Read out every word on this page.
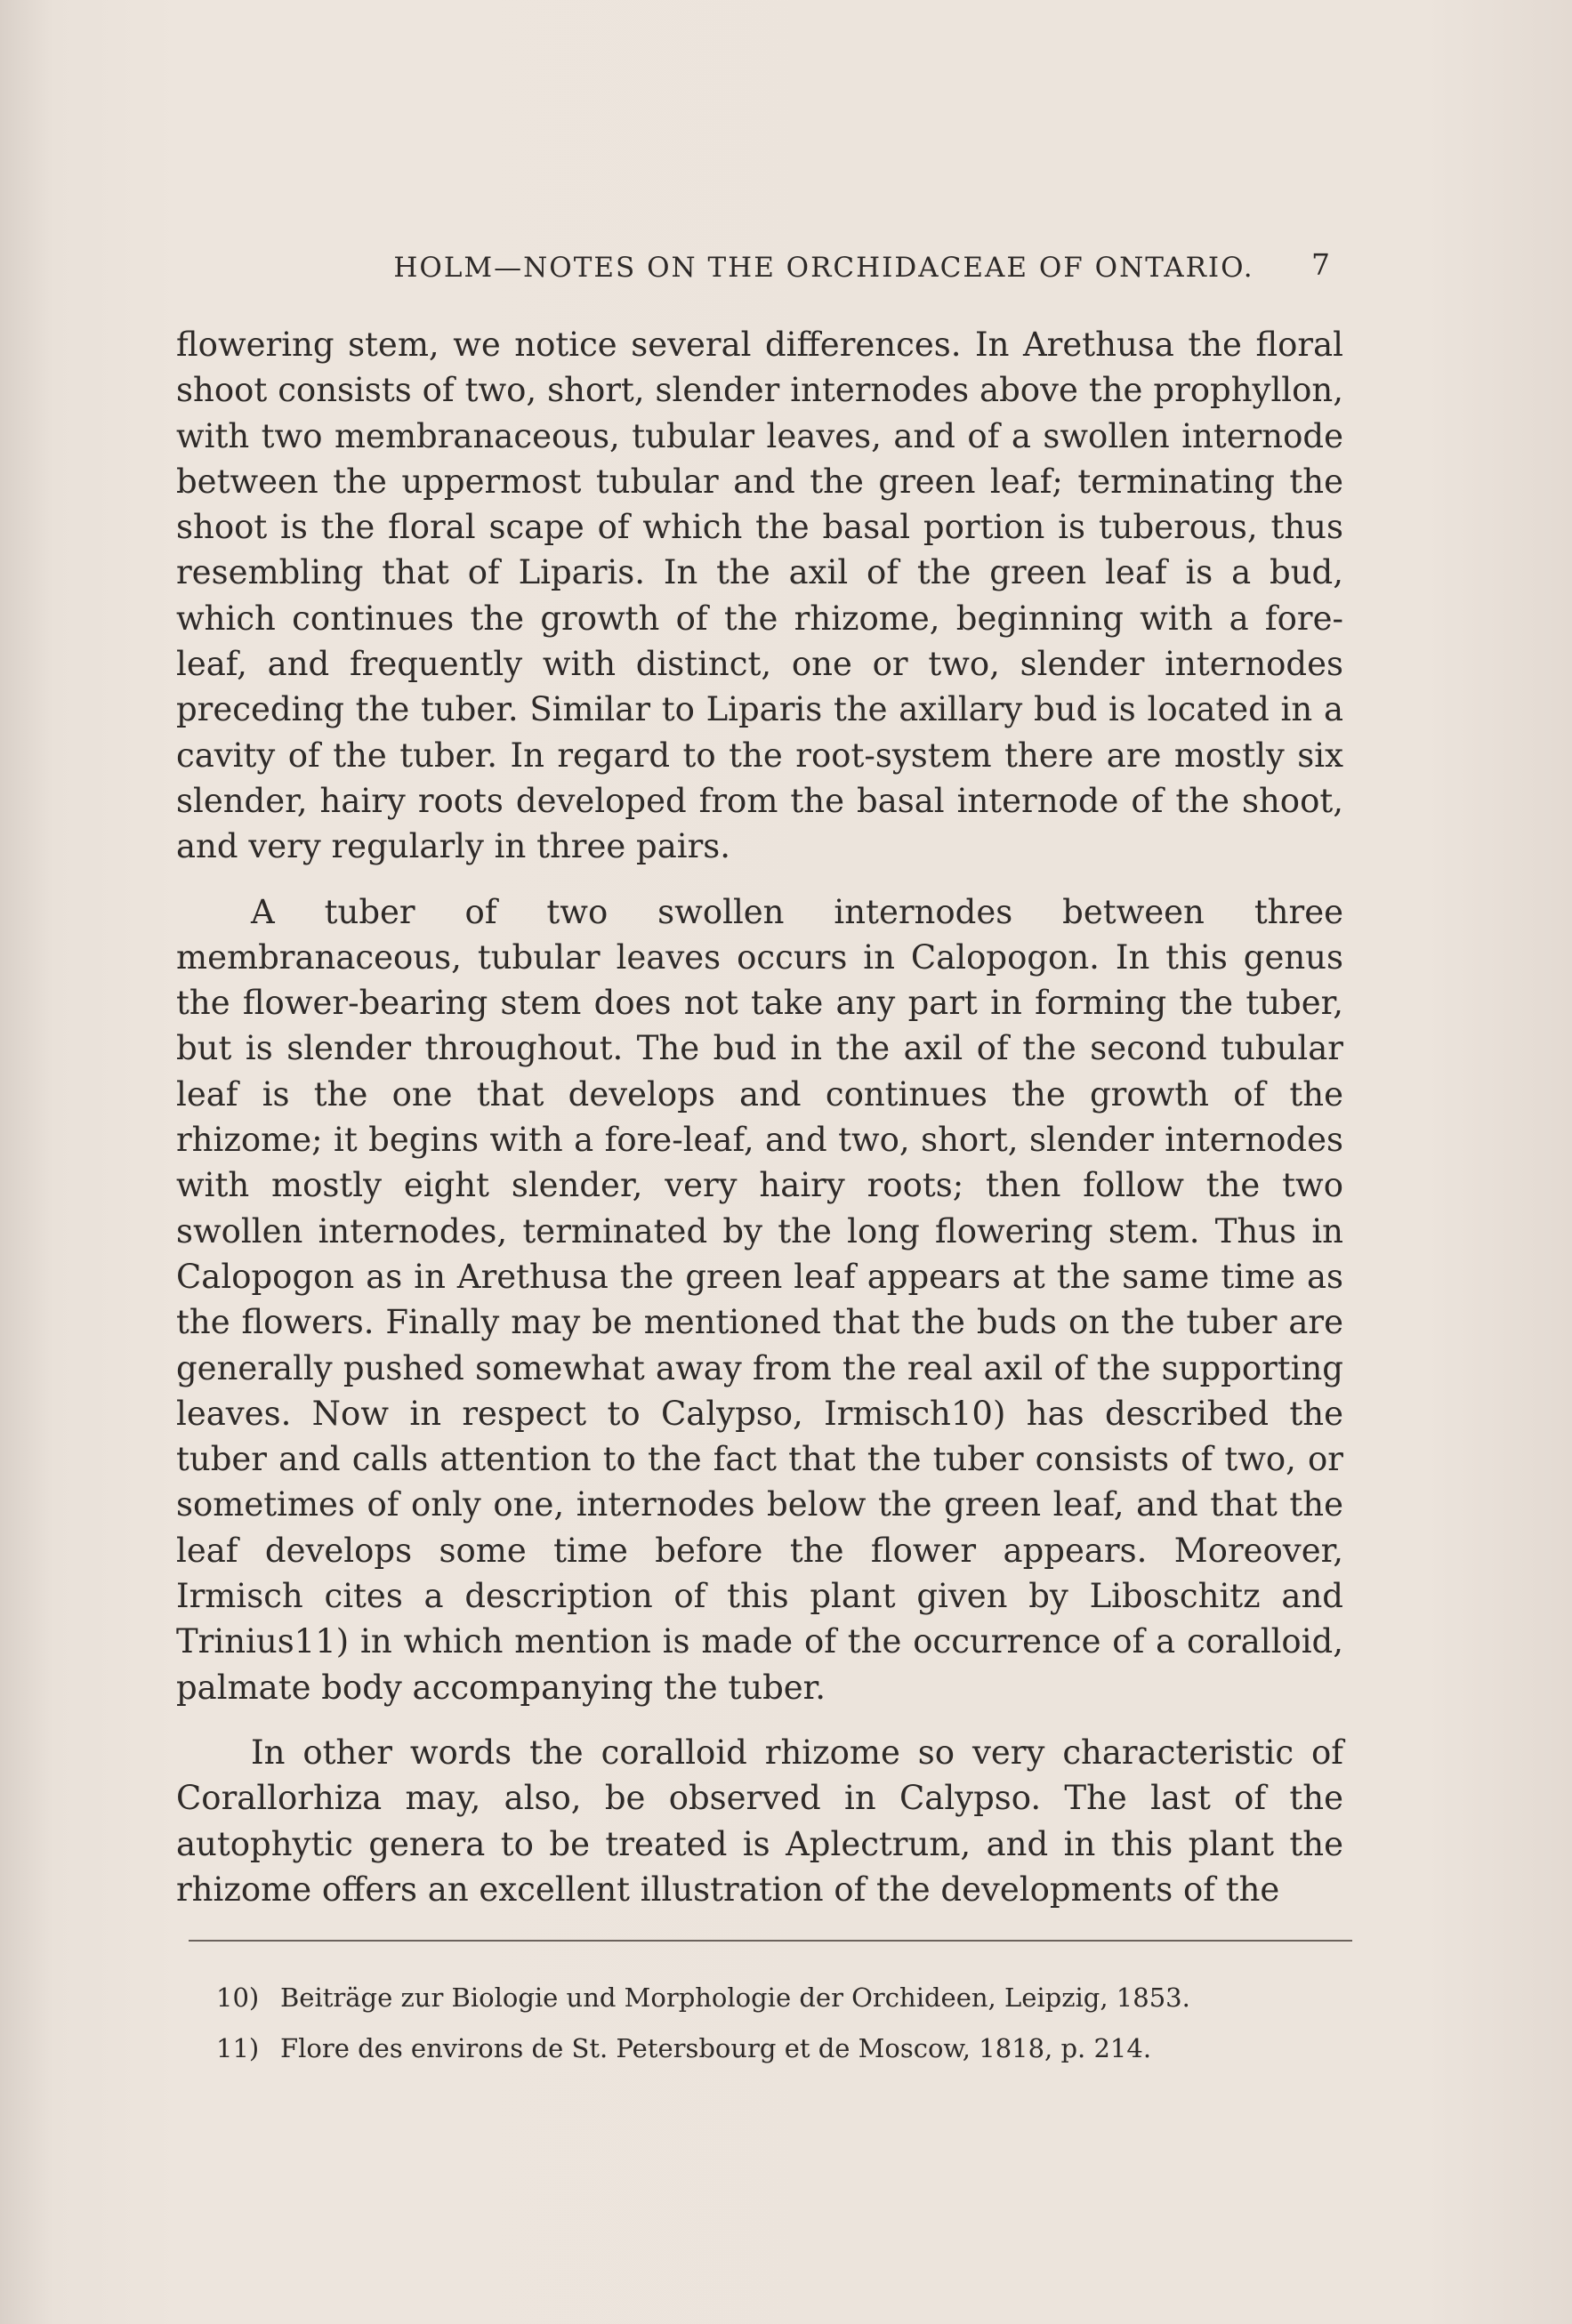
HOLM—NOTES ON THE ORCHIDACEAE OF ONTARIO.	7

flowering stem, we notice several differences. In Arethusa the floral shoot consists of two, short, slender internodes above the prophyllon, with two membranaceous, tubular leaves, and of a swollen internode between the uppermost tubular and the green leaf; terminating the shoot is the floral scape of which the basal portion is tuberous, thus resembling that of Liparis. In the axil of the green leaf is a bud, which continues the growth of the rhizome, beginning with a fore-leaf, and frequently with distinct, one or two, slender internodes preceding the tuber. Similar to Liparis the axillary bud is located in a cavity of the tuber. In regard to the root-system there are mostly six slender, hairy roots developed from the basal internode of the shoot, and very regularly in three pairs.

A tuber of two swollen internodes between three membranaceous, tubular leaves occurs in Calopogon. In this genus the flower-bearing stem does not take any part in forming the tuber, but is slender throughout. The bud in the axil of the second tubular leaf is the one that develops and continues the growth of the rhizome; it begins with a fore-leaf, and two, short, slender internodes with mostly eight slender, very hairy roots; then follow the two swollen internodes, terminated by the long flowering stem. Thus in Calopogon as in Arethusa the green leaf appears at the same time as the flowers. Finally may be mentioned that the buds on the tuber are generally pushed somewhat away from the real axil of the supporting leaves. Now in respect to Calypso, Irmisch10) has described the tuber and calls attention to the fact that the tuber consists of two, or sometimes of only one, internodes below the green leaf, and that the leaf develops some time before the flower appears. Moreover, Irmisch cites a description of this plant given by Liboschitz and Trinius11) in which mention is made of the occurrence of a coralloid, palmate body accompanying the tuber.

In other words the coralloid rhizome so very characteristic of Corallorhiza may, also, be observed in Calypso. The last of the autophytic genera to be treated is Aplectrum, and in this plant the rhizome offers an excellent illustration of the developments of the

10) Beiträge zur Biologie und Morphologie der Orchideen, Leipzig, 1853.

11) Flore des environs de St. Petersbourg et de Moscow, 1818, p. 214.
